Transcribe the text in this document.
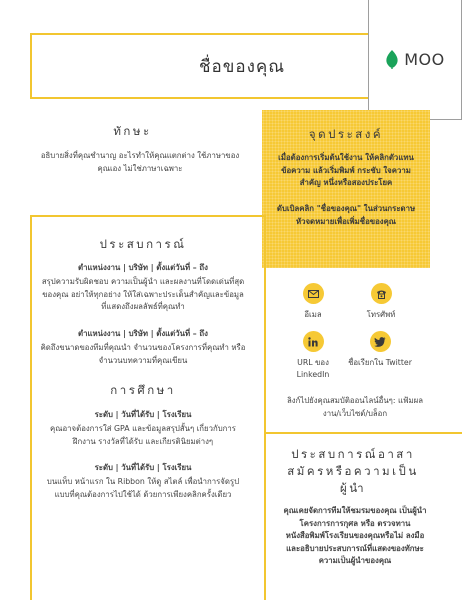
ชื่อของคุณ	MOO
ทักษะ
อธิบายสิ่งที่คุณชำนาญ อะไรทำให้คุณแตกต่าง ใช้ภาษาของคุณเอง ไม่ใช่ภาษาเฉพาะ
จุดประสงค์
เมื่อต้องการเริ่มต้นใช้งาน ให้คลิกตัวแทนข้อความ แล้วเริ่มพิมพ์ กระชับ ใจความสำคัญ หนึ่งหรือสองประโยค
ดับเบิลคลิก "ชื่อของคุณ" ในส่วนกระดาษหัวจดหมายเพื่อเพิ่มชื่อของคุณ
ประสบการณ์
ตำแหน่งงาน | บริษัท | ตั้งแต่วันที่ – ถึง
สรุปความรับผิดชอบ ความเป็นผู้นำ และผลงานที่โดดเด่นที่สุดของคุณ อย่าให้ทุกอย่าง ให้ใส่เฉพาะประเด็นสำคัญและข้อมูลที่แสดงถึงผลลัพธ์ที่คุณทำ
ตำแหน่งงาน | บริษัท | ตั้งแต่วันที่ – ถึง
คิดถึงขนาดของทีมที่คุณนำ จำนวนของโครงการที่คุณทำ หรือจำนวนบทความที่คุณเขียน
การศึกษา
ระดับ | วันที่ได้รับ | โรงเรียน
คุณอาจต้องการใส่ GPA และข้อมูลสรุปสั้นๆ เกี่ยวกับการฝึกงาน รางวัลที่ได้รับ และเกียรตินิยมต่างๆ
ระดับ | วันที่ได้รับ | โรงเรียน
บนแท็บ หน้าแรก ใน Ribbon ให้ดู สไตล์ เพื่อนำการจัดรูปแบบที่คุณต้องการไปใช้ได้ ด้วยการเพียงคลิกครั้งเดียว
อีเมล	โทรศัพท์
URL ของ LinkedIn
ชื่อเรียกใน Twitter
ลิงก์ไปยังคุณสมบัติออนไลน์อื่นๆ: แฟ้มผลงาน/เว็บไซต์/บล็อก
ประสบการณ์อาสาสมัครหรือความเป็นผู้นำ
คุณเคยจัดการทีมให้ชมรมของคุณ เป็นผู้นำโครงการการกุศล หรือ ตรวจทานหนังสือพิมพ์โรงเรียนของคุณหรือไม่ ลงมือและอธิบายประสบการณ์ที่แสดงของทักษะความเป็นผู้นำของคุณ
